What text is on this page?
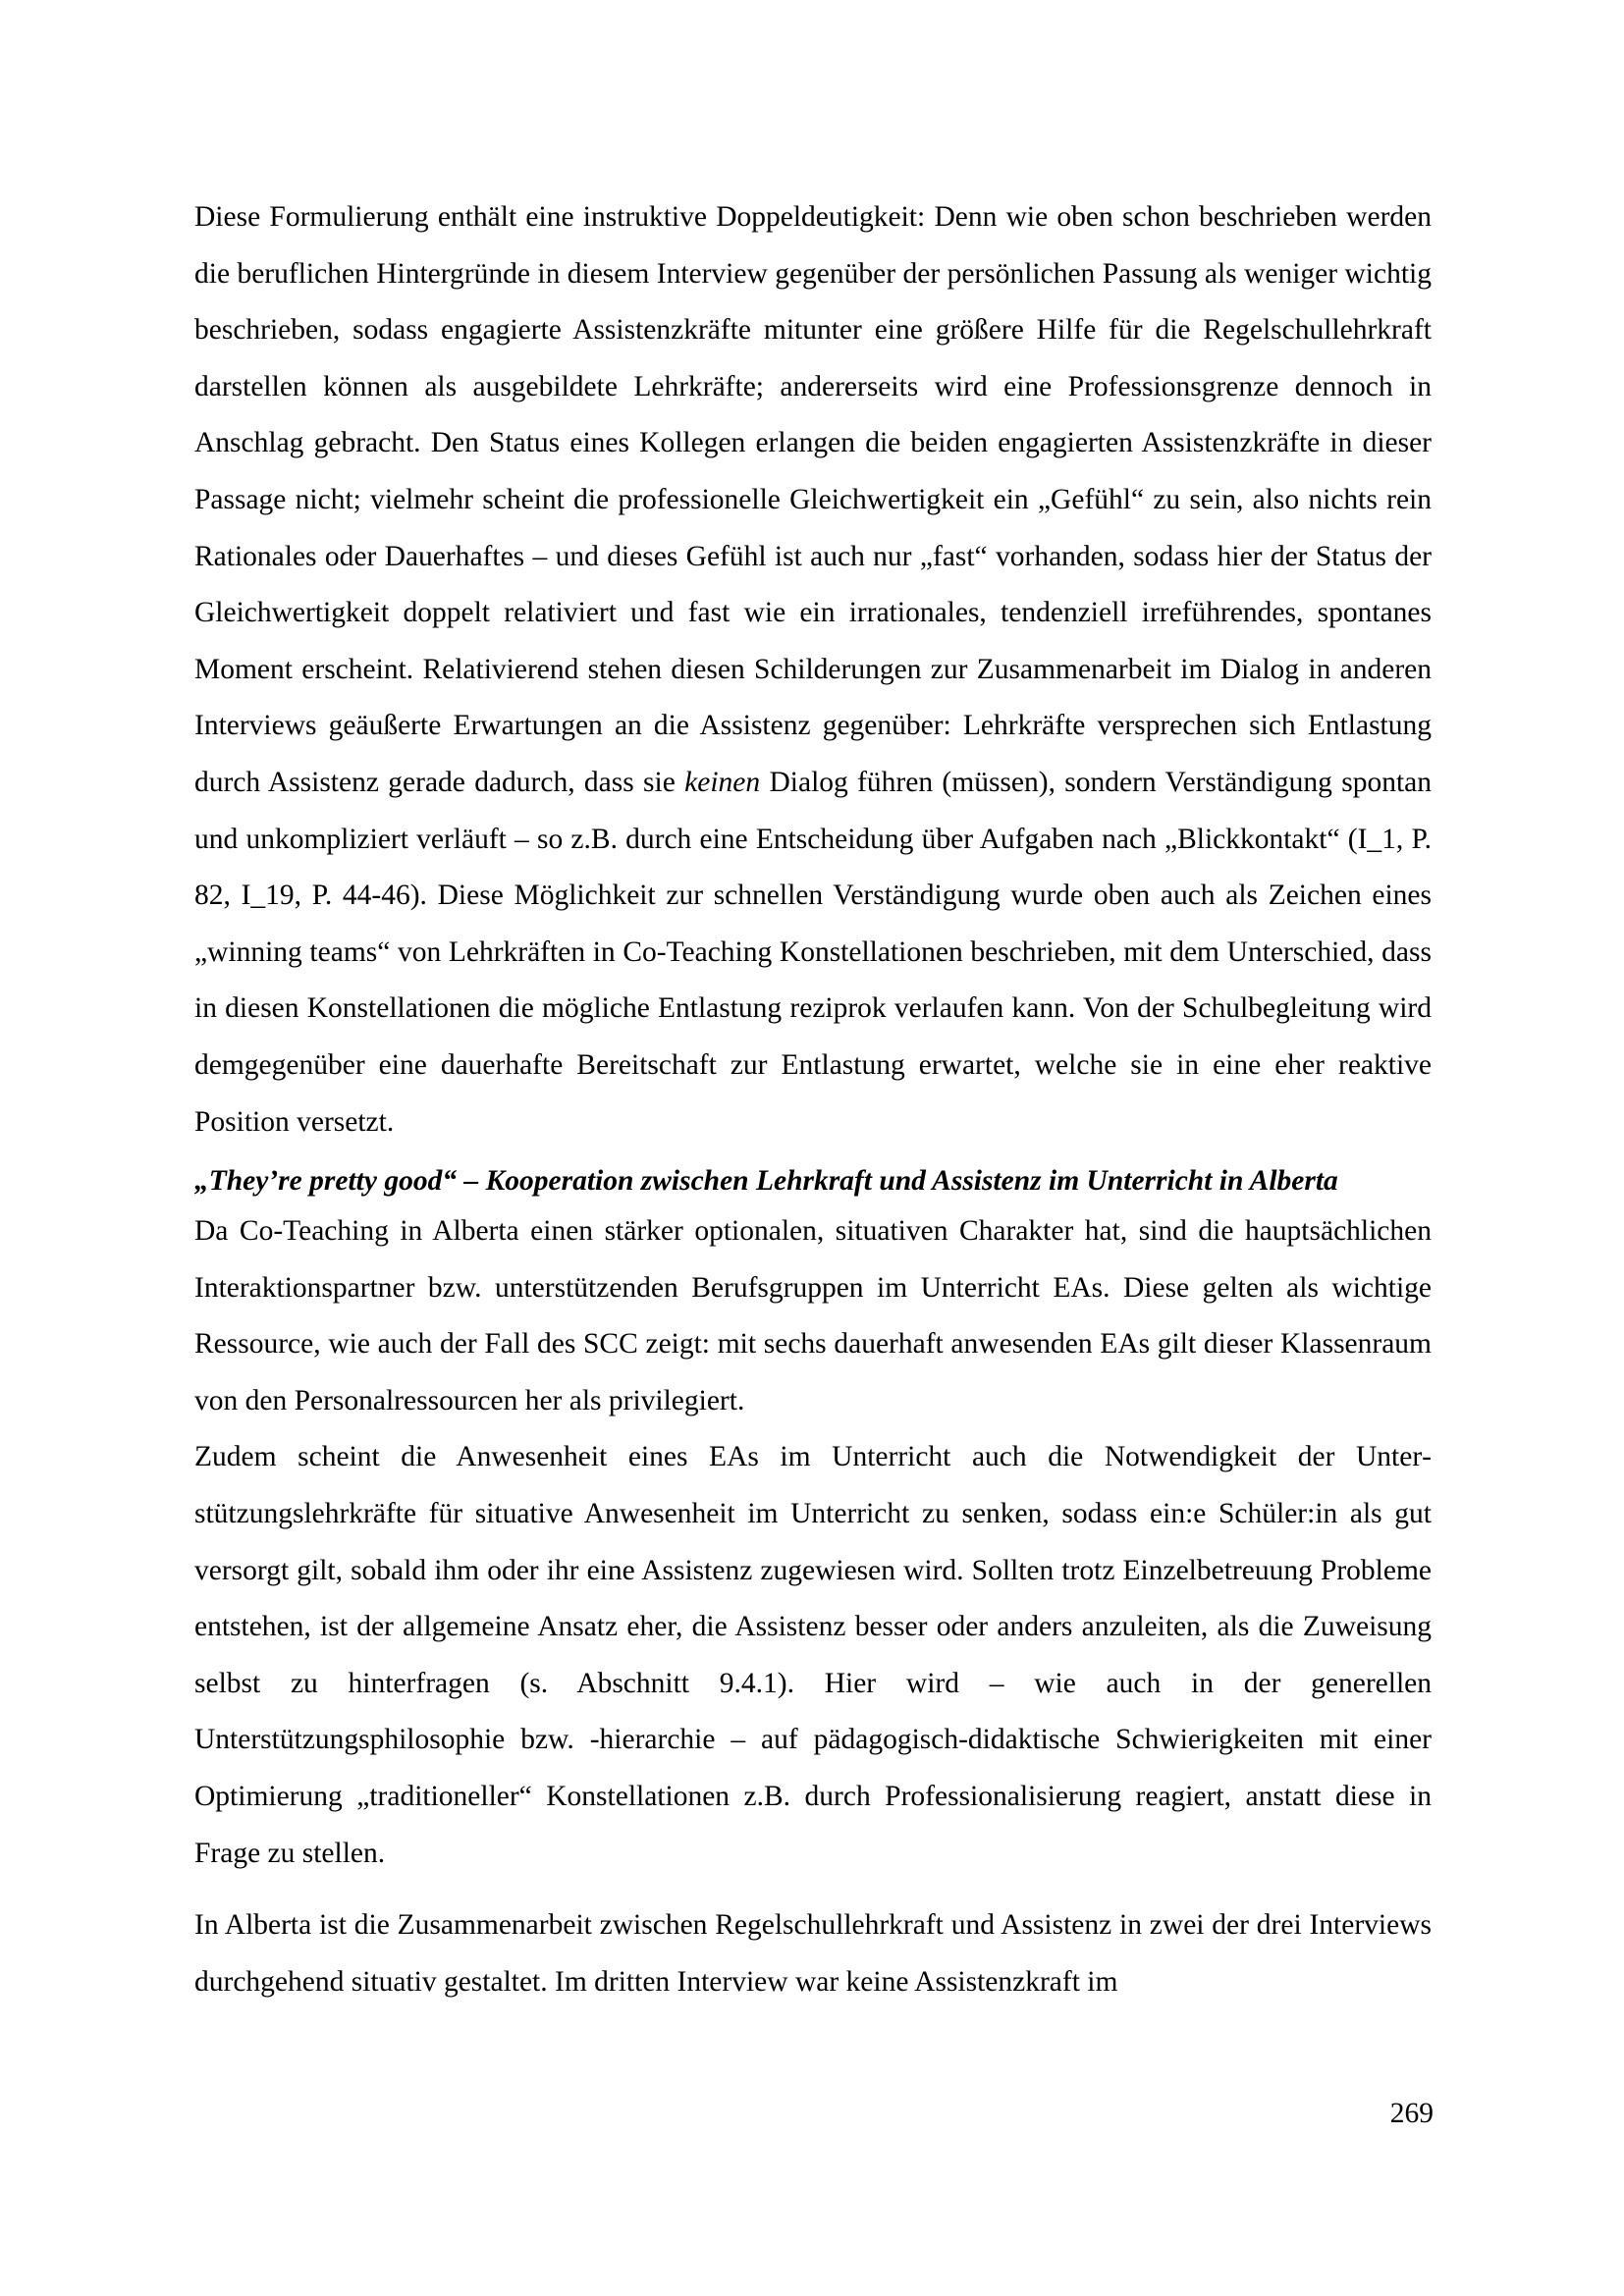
Diese Formulierung enthält eine instruktive Doppeldeutigkeit: Denn wie oben schon beschrieben werden die beruflichen Hintergründe in diesem Interview gegenüber der persönlichen Passung als weniger wichtig beschrieben, sodass engagierte Assistenzkräfte mitunter eine größere Hilfe für die Regelschullehrkraft darstellen können als ausgebildete Lehrkräfte; andererseits wird eine Professionsgrenze dennoch in Anschlag gebracht. Den Status eines Kollegen erlangen die beiden engagierten Assistenzkräfte in dieser Passage nicht; vielmehr scheint die professionelle Gleichwertigkeit ein „Gefühl“ zu sein, also nichts rein Rationales oder Dauerhaftes – und dieses Gefühl ist auch nur „fast“ vorhanden, sodass hier der Status der Gleichwertigkeit doppelt relativiert und fast wie ein irrationales, tendenziell irreführendes, spontanes Moment erscheint. Relativierend stehen diesen Schilderungen zur Zusammenarbeit im Dialog in anderen Interviews geäußerte Erwartungen an die Assistenz gegenüber: Lehrkräfte versprechen sich Entlastung durch Assistenz gerade dadurch, dass sie keinen Dialog führen (müssen), sondern Verständigung spontan und unkompliziert verläuft – so z.B. durch eine Entscheidung über Aufgaben nach „Blickkontakt“ (I_1, P. 82, I_19, P. 44-46). Diese Möglichkeit zur schnellen Verständigung wurde oben auch als Zeichen eines „winning teams“ von Lehrkräften in Co-Teaching Konstellationen beschrieben, mit dem Unterschied, dass in diesen Konstellationen die mögliche Entlastung reziprok verlaufen kann. Von der Schulbegleitung wird demgegenüber eine dauerhafte Bereitschaft zur Entlastung erwartet, welche sie in eine eher reaktive Position versetzt.

„They’re pretty good“ – Kooperation zwischen Lehrkraft und Assistenz im Unterricht in Alberta

Da Co-Teaching in Alberta einen stärker optionalen, situativen Charakter hat, sind die hauptsächlichen Interaktionspartner bzw. unterstützenden Berufsgruppen im Unterricht EAs. Diese gelten als wichtige Ressource, wie auch der Fall des SCC zeigt: mit sechs dauerhaft anwesenden EAs gilt dieser Klassenraum von den Personalressourcen her als privilegiert.

Zudem scheint die Anwesenheit eines EAs im Unterricht auch die Notwendigkeit der Unterstützungslehrkräfte für situative Anwesenheit im Unterricht zu senken, sodass ein:e Schüler:in als gut versorgt gilt, sobald ihm oder ihr eine Assistenz zugewiesen wird. Sollten trotz Einzelbetreuung Probleme entstehen, ist der allgemeine Ansatz eher, die Assistenz besser oder anders anzuleiten, als die Zuweisung selbst zu hinterfragen (s. Abschnitt 9.4.1). Hier wird – wie auch in der generellen Unterstützungsphilosophie bzw. -hierarchie – auf pädagogisch-didaktische Schwierigkeiten mit einer Optimierung „traditioneller“ Konstellationen z.B. durch Professionalisierung reagiert, anstatt diese in Frage zu stellen.

In Alberta ist die Zusammenarbeit zwischen Regelschullehrkraft und Assistenz in zwei der drei Interviews durchgehend situativ gestaltet. Im dritten Interview war keine Assistenzkraft im

269
